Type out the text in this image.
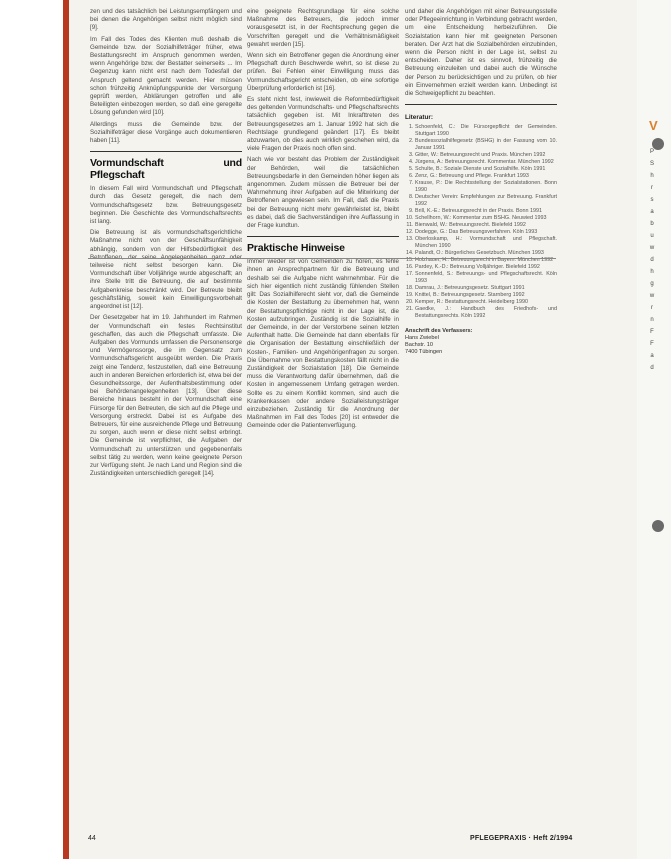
zen und des tatsächlich bei Leistungsempfängern und bei denen die Angehörigen selbst nicht möglich sind [9].

Im Fall des Todes des Klienten muß deshalb die Gemeinde bzw. der Sozialhilfeträger früher, etwa Bestattungsrecht im Anspruch genommen werden, wenn Angehörige bzw. der Bestatter seinerseits ... Im Gegenzug kann nicht erst nach dem Todesfall der Anspruch geltend gemacht werden. Hier müssen schon frühzeitig Anknüpfungspunkte der Versorgung geprüft werden, Abklärungen getroffen und alle Beteiligten einbezogen werden, so daß eine geregelte Lösung gefunden wird [10].

Allerdings muss die Gemeinde bzw. der Sozialhilfeträger diese Vorgänge auch dokumentieren haben [11].

Vormundschaft und Pflegschaft

In diesem Fall wird Vormundschaft und Pflegschaft durch das Gesetz geregelt, die nach dem Vormundschaftsgesetz bzw. Betreuungsgesetz beginnen. Die Geschichte des Vormundschaftsrechts ist lang.

Die Betreuung ist als vormundschaftsgerichtliche Maßnahme nicht von der Geschäftsunfähigkeit abhängig, sondern von der Hilfsbedürftigkeit des Betroffenen, der seine Angelegenheiten ganz oder teilweise nicht selbst besorgen kann. Die Vormundschaft über Volljährige wurde abgeschafft; an ihre Stelle tritt die Betreuung, die auf bestimmte Aufgabenkreise beschränkt wird. Der Betreute bleibt geschäftsfähig, soweit kein Einwilligungsvorbehalt angeordnet ist [12].

Der Gesetzgeber hat im 19. Jahrhundert im Rahmen der Vormundschaft ein festes Rechtsinstitut geschaffen, das auch die Pflegschaft umfasste. Die Aufgaben des Vormunds umfassen die Personensorge und Vermögenssorge, die im Gegensatz zum Vormundschaftsgericht ausgeübt werden. Die Praxis zeigt eine Tendenz, festzustellen, daß eine Betreuung auch in anderen Bereichen erforderlich ist, etwa bei der Gesundheitssorge, der Aufenthaltsbestimmung oder bei Behördenangelegenheiten [13]. Über diese Bereiche hinaus besteht in der Vormundschaft eine Fürsorge für den Betreuten, die sich auf die Pflege und Versorgung erstreckt. Dabei ist es Aufgabe des Betreuers, für eine ausreichende Pflege und Betreuung zu sorgen, auch wenn er diese nicht selbst erbringt. Die Gemeinde ist verpflichtet, die Aufgaben der Vormundschaft zu unterstützen und gegebenenfalls selbst tätig zu werden, wenn keine geeignete Person zur Verfügung steht. Je nach Land und Region sind die Zuständigkeiten unterschiedlich geregelt [14].

eine geeignete Rechtsgrundlage für eine solche Maßnahme des Betreuers, die jedoch immer vorausgesetzt ist, in der Rechtsprechung gegen die Vorschriften geregelt und die Verhältnismäßigkeit gewahrt werden [15].

Wenn sich ein Betroffener gegen die Anordnung einer Pflegschaft durch Beschwerde wehrt, so ist diese zu prüfen. Bei Fehlen einer Einwilligung muss das Vormundschaftsgericht entscheiden, ob eine sofortige Überprüfung erforderlich ist [16].

Es steht nicht fest, inwieweit die Reformbedürftigkeit des geltenden Vormundschafts- und Pflegschaftsrechts tatsächlich gegeben ist. Mit Inkrafttreten des Betreuungsgesetzes am 1. Januar 1992 hat sich die Rechtslage grundlegend geändert [17]. Es bleibt abzuwarten, ob dies auch wirklich geschehen wird, da viele Fragen der Praxis noch offen sind.

Nach wie vor besteht das Problem der Zuständigkeit der Behörden, weil die tatsächlichen Betreuungsbedarfe in den Gemeinden höher liegen als angenommen. Zudem müssen die Betreuer bei der Wahrnehmung ihrer Aufgaben auf die Mitwirkung der Betroffenen angewiesen sein. Im Fall, daß die Praxis bei der Betreuung nicht mehr gewährleistet ist, bleibt es dabei, daß die Sachverständigen ihre Auffassung in der Frage kundtun.

Praktische Hinweise

Immer wieder ist von Gemeinden zu hören, es fehle ihnen an Ansprechpartnern für die Betreuung und deshalb sei die Aufgabe nicht wahrnehmbar. Für die sich hier eigentlich nicht zuständig fühlenden Stellen gilt: Das Sozialhilferecht sieht vor, daß die Gemeinde die Kosten der Bestattung zu übernehmen hat, wenn der Bestattungspflichtige nicht in der Lage ist, die Kosten aufzubringen. Zuständig ist die Sozialhilfe in der Gemeinde, in der der Verstorbene seinen letzten Aufenthalt hatte. Die Gemeinde hat dann ebenfalls für die Organisation der Bestattung einschließlich der Kosten-, Familien- und Angehörigenfragen zu sorgen. Die Übernahme von Bestattungskosten fällt nicht in die Zuständigkeit der Sozialstation [18]. Die Gemeinde muss die Verantwortung dafür übernehmen, daß die Kosten in angemessenem Umfang getragen werden. Sollte es zu einem Konflikt kommen, sind auch die Krankenkassen oder andere Sozialleistungsträger einzubeziehen. Zuständig für die Anordnung der Maßnahmen im Fall des Todes [20] ist entweder die Gemeinde oder die Patientenverfügung.

und daher die Angehörigen mit einer Betreuungsstelle oder Pflegeeinrichtung in Verbindung gebracht werden, um eine Entscheidung herbeizuführen. Die Sozialstation kann hier mit geeigneten Personen beraten. Der Arzt hat die Sozialbehörden einzubinden, wenn die Person nicht in der Lage ist, selbst zu entscheiden. Daher ist es sinnvoll, frühzeitig die Betreuung einzuleiten und dabei auch die Wünsche der Person zu berücksichtigen und zu prüfen, ob hier ein Einvernehmen erzielt werden kann. Unbedingt ist die Schweigepflicht zu beachten.

Literatur:
1. Schoenfeld, C.: Die Fürsorgepflicht der Gemeinden. Stuttgart 1990
2. Bundessozialhilfegesetz (BSHG) in der Fassung vom 10. Januar 1991
3. Gitter, W.: Betreuungsrecht und Praxis. München 1992
4. Jürgens, A.: Betreuungsrecht. Kommentar. München 1992
5. Schulte, B.: Soziale Dienste und Sozialhilfe. Köln 1991
6. Zenz, G.: Betreuung und Pflege. Frankfurt 1993
7. Krause, P.: Die Rechtsstellung der Sozialstationen. Bonn 1990
8. Deutscher Verein: Empfehlungen zur Betreuung. Frankfurt 1992
9. Brill, K.-E.: Betreuungsrecht in der Praxis. Bonn 1991
10. Schellhorn, W.: Kommentar zum BSHG. Neuwied 1993
11. Bienwald, W.: Betreuungsrecht. Bielefeld 1992
12. Dodegge, G.: Das Betreuungsverfahren. Köln 1993
13. Oberloskamp, H.: Vormundschaft und Pflegschaft. München 1990
14. Palandt, O.: Bürgerliches Gesetzbuch. München 1993
15. Holzhauer, H.: Betreuungsrecht in Bayern. München 1992
16. Pardey, K.-D.: Betreuung Volljähriger. Bielefeld 1992
17. Sonnenfeld, S.: Betreuungs- und Pflegschaftsrecht. Köln 1993
18. Damrau, J.: Betreuungsgesetz. Stuttgart 1991
19. Knittel, B.: Betreuungsgesetz. Starnberg 1992
20. Kemper, R.: Bestattungsrecht. Heidelberg 1990
21. Gaedke, J.: Handbuch des Friedhofs- und Bestattungsrechts. Köln 1992
Anschrift des Verfassers:
Hans Zwiebel
Bachstr. 10
7400 Tübingen
44	PFLEGEPRAXIS · Heft 2/1994
V
P
S
h
r
s
a
b
u
w
d
h
g
w
r
n
F
F
a
d
